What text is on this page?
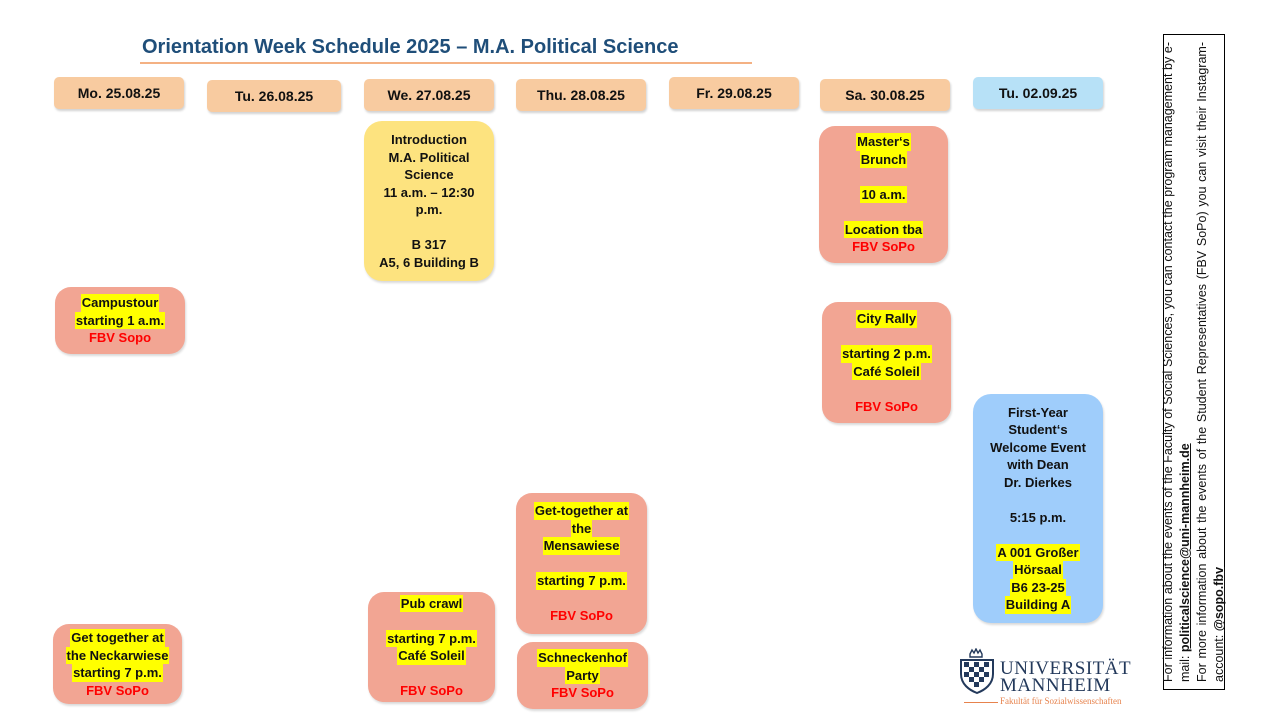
Orientation Week Schedule 2025 – M.A. Political Science
Mo. 25.08.25	Tu. 26.08.25	We. 27.08.25	Thu. 28.08.25	Fr. 29.08.25	Sa. 30.08.25	Tu. 02.09.25
Introduction
M.A. Political
Science
11 a.m. – 12:30
p.m.
B 317
A5, 6 Building B
Master‘s
Brunch
10 a.m.
Location tba
FBV SoPo
Campustour
starting 1 a.m.
FBV Sopo
City Rally
starting 2 p.m.
Café Soleil
FBV SoPo	First-Year
Student‘s
Welcome Event
with Dean
Dr. Dierkes
5:15 p.m.
A 001 Großer
Hörsaal
B6 23-25
Building A
Get-together at
the
Mensawiese
starting 7 p.m.
FBV SoPo
Pub crawl
starting 7 p.m.
Café Soleil
FBV SoPo
Get together at
the Neckarwiese
starting 7 p.m.
FBV SoPo
Schneckenhof
Party
FBV SoPo
For information about the events of the Faculty of Social Sciences, you can contact the program management by e-mail: politicalscience@uni-mannheim.de For more information about the events of the Student Representatives (FBV SoPo) you can visit their Instagram-account: @sopo.fbv
UNIVERSITÄT
MANNHEIM
Fakultät für Sozialwissenschaften
